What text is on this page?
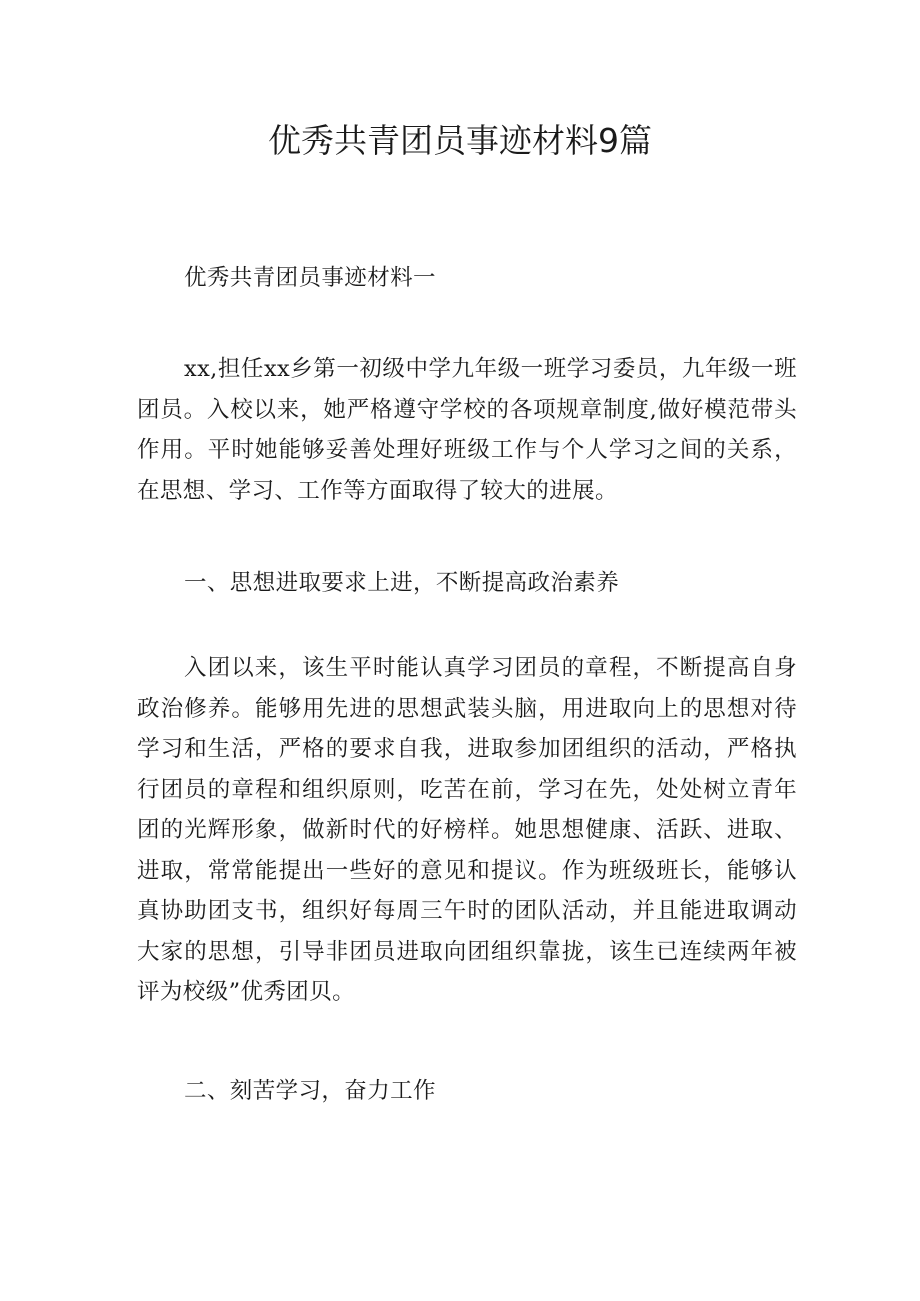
优秀共青团员事迹材料9篇

优秀共青团员事迹材料一

xx,担任xx乡第一初级中学九年级一班学习委员，九年级一班团员。入校以来，她严格遵守学校的各项规章制度,做好模范带头作用。平时她能够妥善处理好班级工作与个人学习之间的关系，在思想、学习、工作等方面取得了较大的进展。

一、思想进取要求上进，不断提高政治素养

入团以来，该生平时能认真学习团员的章程，不断提高自身政治修养。能够用先进的思想武装头脑，用进取向上的思想对待学习和生活，严格的要求自我，进取参加团组织的活动，严格执行团员的章程和组织原则，吃苦在前，学习在先，处处树立青年团的光辉形象，做新时代的好榜样。她思想健康、活跃、进取、进取，常常能提出一些好的意见和提议。作为班级班长，能够认真协助团支书，组织好每周三午时的团队活动，并且能进取调动大家的思想，引导非团员进取向团组织靠拢，该生已连续两年被评为校级”优秀团贝。

二、刻苦学习，奋力工作
